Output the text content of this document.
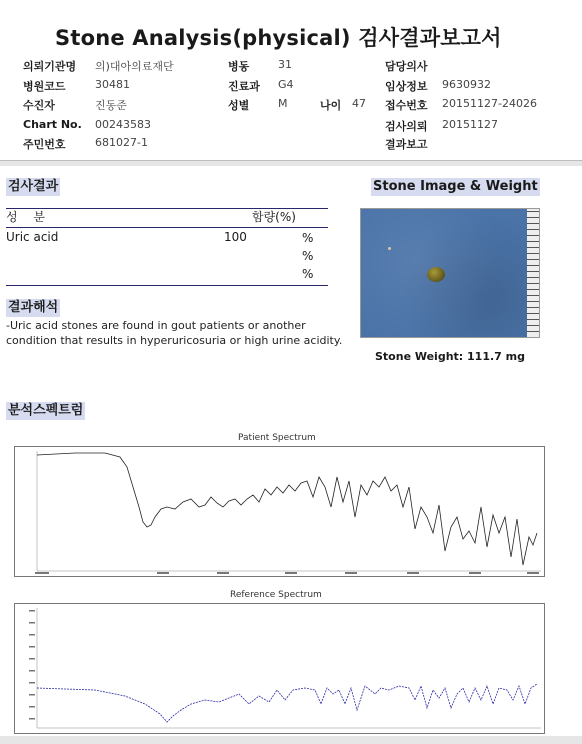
Stone Analysis(physical) 검사결과보고서
의뢰기관명 의)대아의료재단
병원코드	30481
수진자	진동준
Chart No. 00243583
주민번호	681027-1
병동	31
진료과 G4
성별	M	나이 47
담당의사
임상정보 9630932
접수번호 20151127-24026
검사의뢰 20151127
결과보고
검사결과
성 분	함량(%)
Uric acid	100	%
%
%
결과해석
-Uric acid stones are found in gout patients or another condition that results in hyperuricosuria or high urine acidity.
Stone Image & Weight
Stone Weight: 111.7 mg
분석스펙트럼
Patient Spectrum
Reference Spectrum
